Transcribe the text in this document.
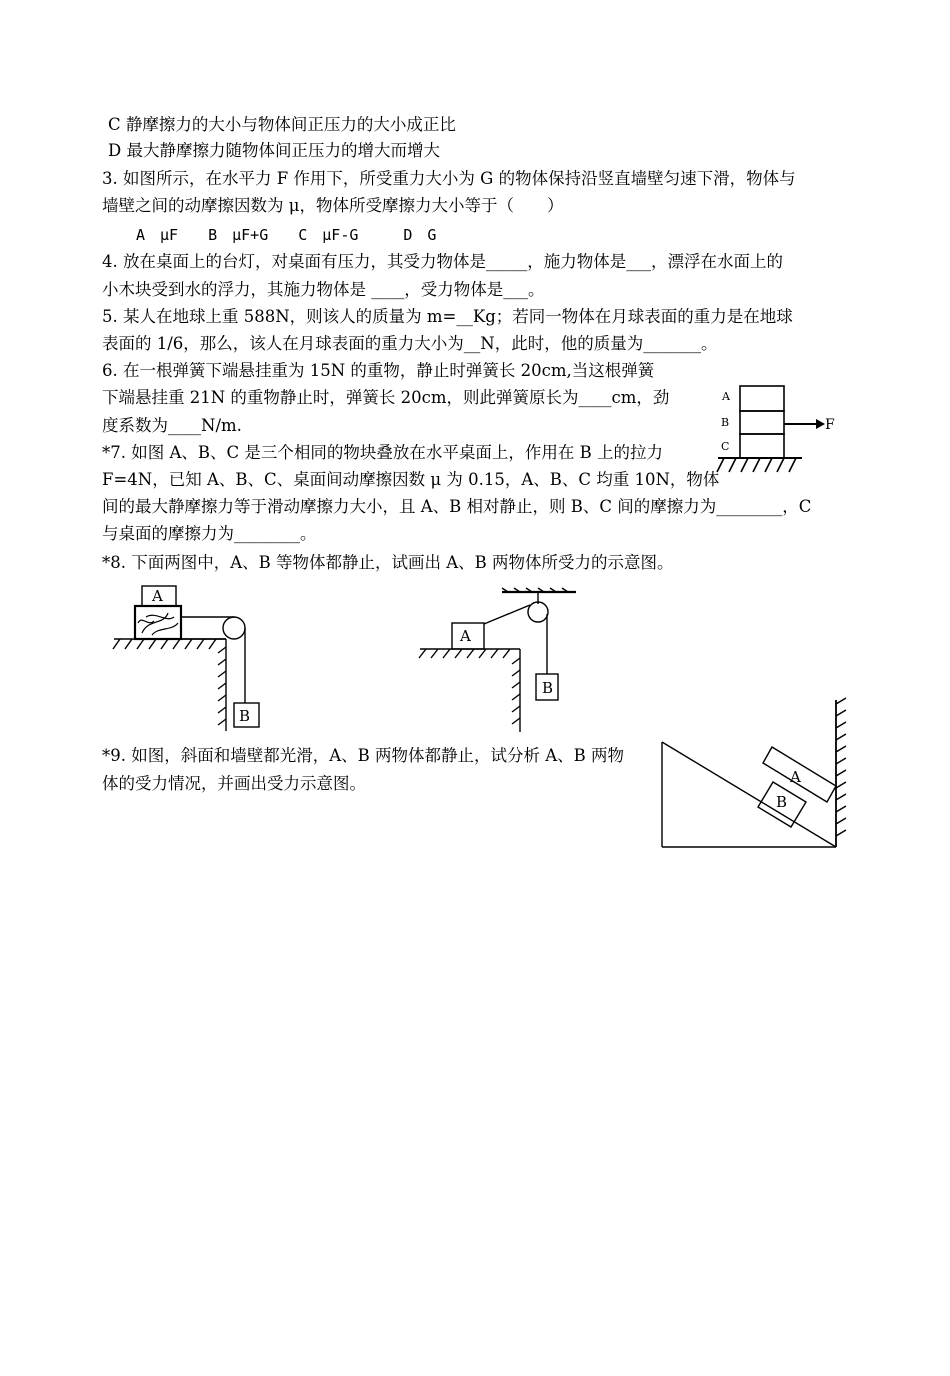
C 静摩擦力的大小与物体间正压力的大小成正比
D 最大静摩擦力随物体间正压力的增大而增大
3. 如图所示，在水平力 F 作用下，所受重力大小为 G 的物体保持沿竖直墙壁匀速下滑，物体与
墙壁之间的动摩擦因数为 μ，物体所受摩擦力大小等于（　　）
A　μF　　B　μF+G　　C　μF-G　　　D　G
4. 放在桌面上的台灯，对桌面有压力，其受力物体是_____，施力物体是___，漂浮在水面上的
小木块受到水的浮力，其施力物体是 ____，受力物体是___。
5. 某人在地球上重 588N，则该人的质量为 m=__Kg；若同一物体在月球表面的重力是在地球
表面的 1/6，那么，该人在月球表面的重力大小为__N，此时，他的质量为_______。
6. 在一根弹簧下端悬挂重为 15N 的重物，静止时弹簧长 20cm,当这根弹簧
下端悬挂重 21N 的重物静止时，弹簧长 20cm，则此弹簧原长为____cm，劲
度系数为____N/m.
*7. 如图 A、B、C 是三个相同的物块叠放在水平桌面上，作用在 B 上的拉力
F=4N，已知 A、B、C、桌面间动摩擦因数 μ 为 0.15，A、B、C 均重 10N，物体
间的最大静摩擦力等于滑动摩擦力大小，且 A、B 相对静止，则 B、C 间的摩擦力为________，C
与桌面的摩擦力为________。
*8. 下面两图中，A、B 等物体都静止，试画出 A、B 两物体所受力的示意图。
*9. 如图，斜面和墙壁都光滑，A、B 两物体都静止，试分析 A、B 两物
体的受力情况，并画出受力示意图。
A
B
C
F
A
B
A
B
A
B
